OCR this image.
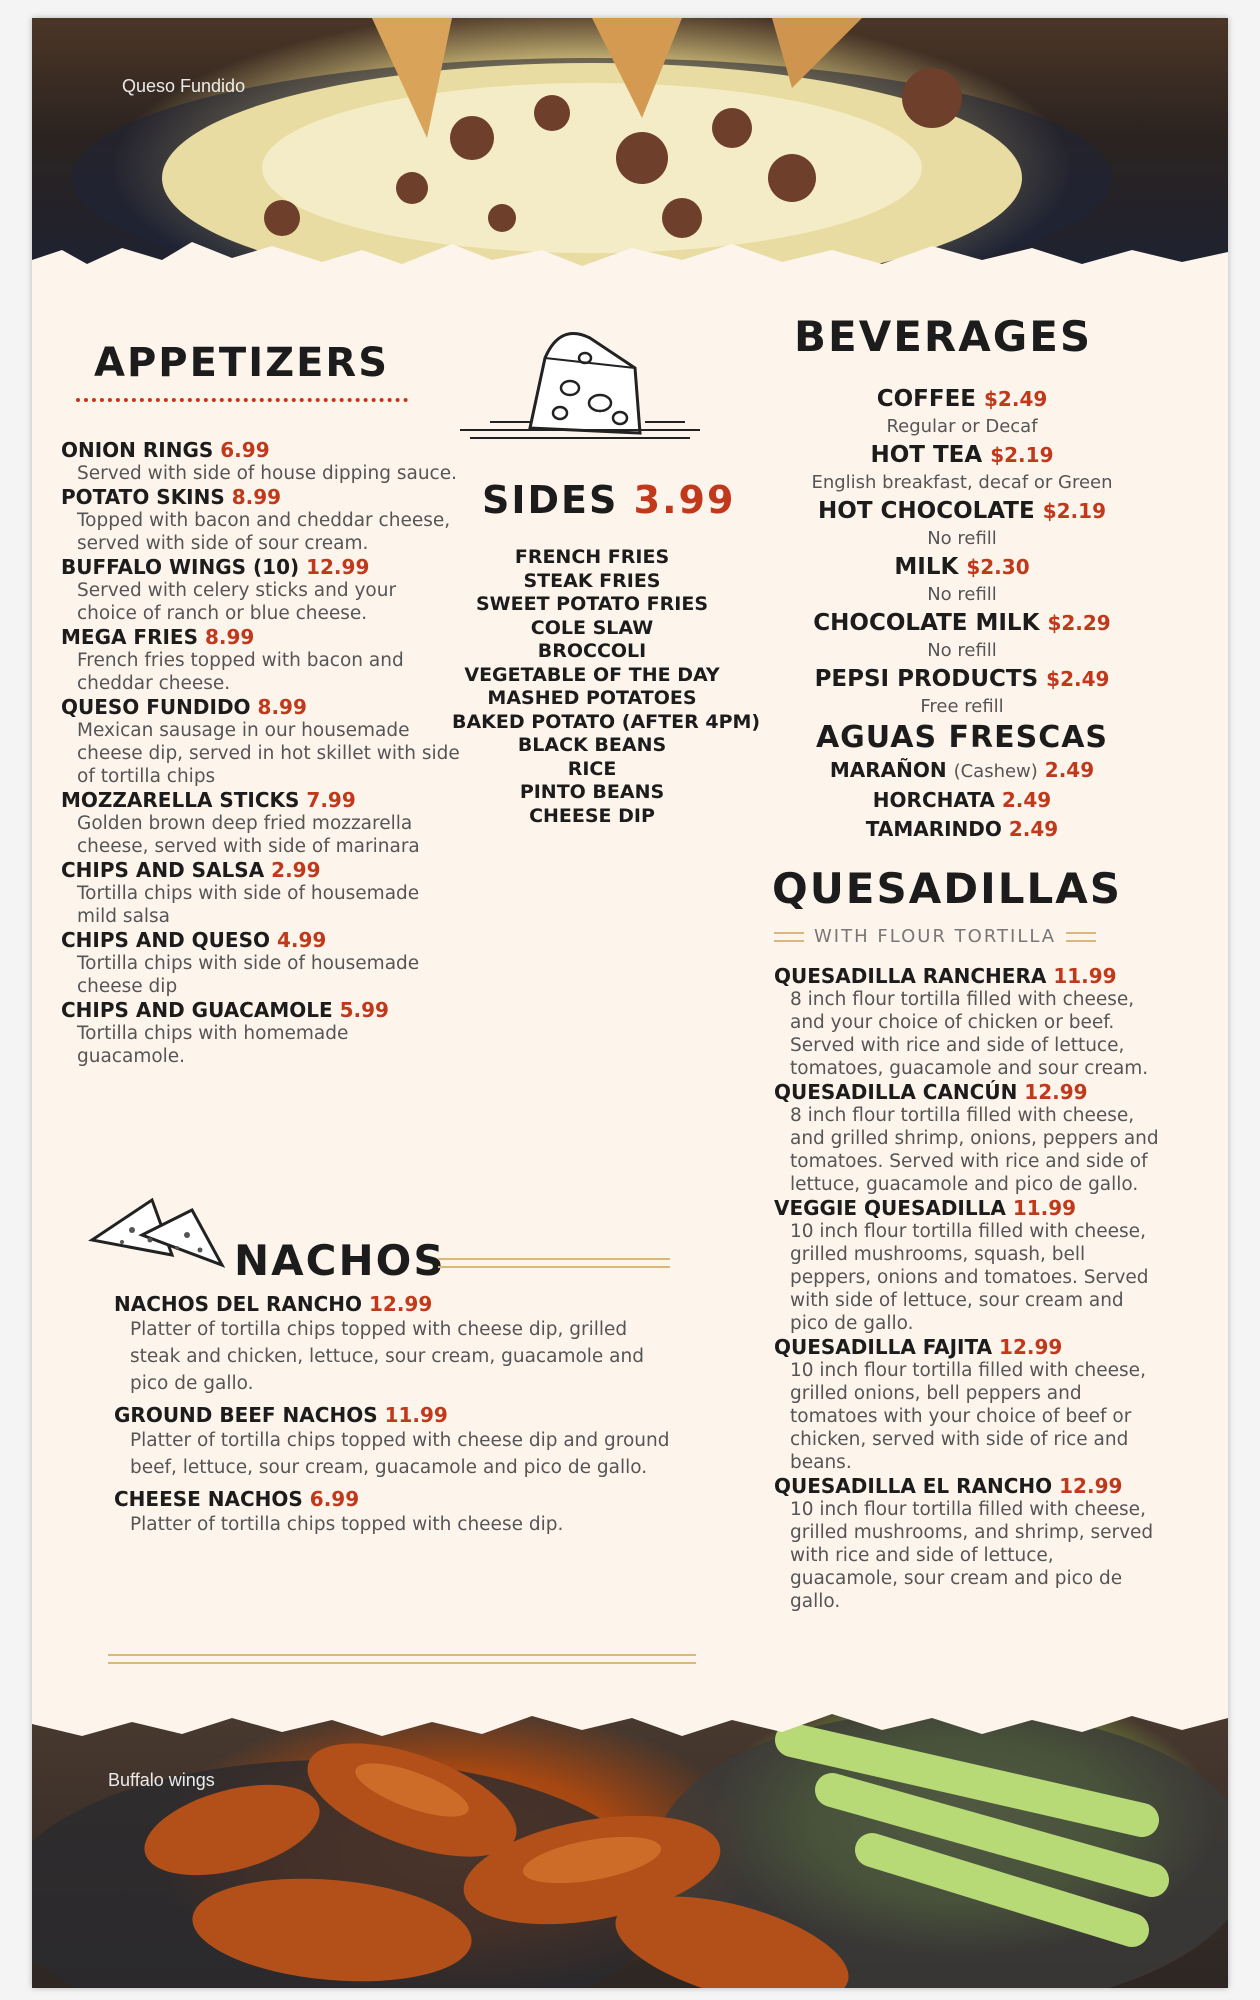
Queso Fundido
APPETIZERS
ONION RINGS 6.99

Served with side of house dipping sauce.

POTATO SKINS 8.99

Topped with bacon and cheddar cheese, served with side of sour cream.

BUFFALO WINGS (10) 12.99

Served with celery sticks and your choice of ranch or blue cheese.

MEGA FRIES 8.99

French fries topped with bacon and cheddar cheese.

QUESO FUNDIDO 8.99

Mexican sausage in our housemade cheese dip, served in hot skillet with side of tortilla chips

MOZZARELLA STICKS 7.99

Golden brown deep fried mozzarella cheese, served with side of marinara

CHIPS AND SALSA 2.99

Tortilla chips with side of housemade mild salsa

CHIPS AND QUESO 4.99

Tortilla chips with side of housemade cheese dip

CHIPS AND GUACAMOLE 5.99

Tortilla chips with homemade guacamole.

SIDES 3.99
FRENCH FRIES
STEAK FRIES
SWEET POTATO FRIES
COLE SLAW
BROCCOLI
VEGETABLE OF THE DAY
MASHED POTATOES
BAKED POTATO (AFTER 4PM)
BLACK BEANS
RICE
PINTO BEANS
CHEESE DIP
BEVERAGES
COFFEE $2.49
Regular or Decaf
HOT TEA $2.19
English breakfast, decaf or Green
HOT CHOCOLATE $2.19
No refill
MILK $2.30
No refill
CHOCOLATE MILK $2.29
No refill
PEPSI PRODUCTS $2.49
Free refill
AGUAS FRESCAS
MARAÑON (Cashew) 2.49
HORCHATA 2.49
TAMARINDO 2.49
QUESADILLAS
WITH FLOUR TORTILLA
QUESADILLA RANCHERA 11.99

8 inch flour tortilla filled with cheese, and your choice of chicken or beef. Served with rice and side of lettuce, tomatoes, guacamole and sour cream.

QUESADILLA CANCÚN 12.99

8 inch flour tortilla filled with cheese, and grilled shrimp, onions, peppers and tomatoes. Served with rice and side of lettuce, guacamole and pico de gallo.

VEGGIE QUESADILLA 11.99

10 inch flour tortilla filled with cheese, grilled mushrooms, squash, bell peppers, onions and tomatoes. Served with side of lettuce, sour cream and pico de gallo.

QUESADILLA FAJITA 12.99

10 inch flour tortilla filled with cheese, grilled onions, bell peppers and tomatoes with your choice of beef or chicken, served with side of rice and beans.

QUESADILLA EL RANCHO 12.99

10 inch flour tortilla filled with cheese, grilled mushrooms, and shrimp, served with rice and side of lettuce, guacamole, sour cream and pico de gallo.

NACHOS
NACHOS DEL RANCHO 12.99

Platter of tortilla chips topped with cheese dip, grilled steak and chicken, lettuce, sour cream, guacamole and pico de gallo.

GROUND BEEF NACHOS 11.99

Platter of tortilla chips topped with cheese dip and ground beef, lettuce, sour cream, guacamole and pico de gallo.

CHEESE NACHOS 6.99

Platter of tortilla chips topped with cheese dip.

Buffalo wings
